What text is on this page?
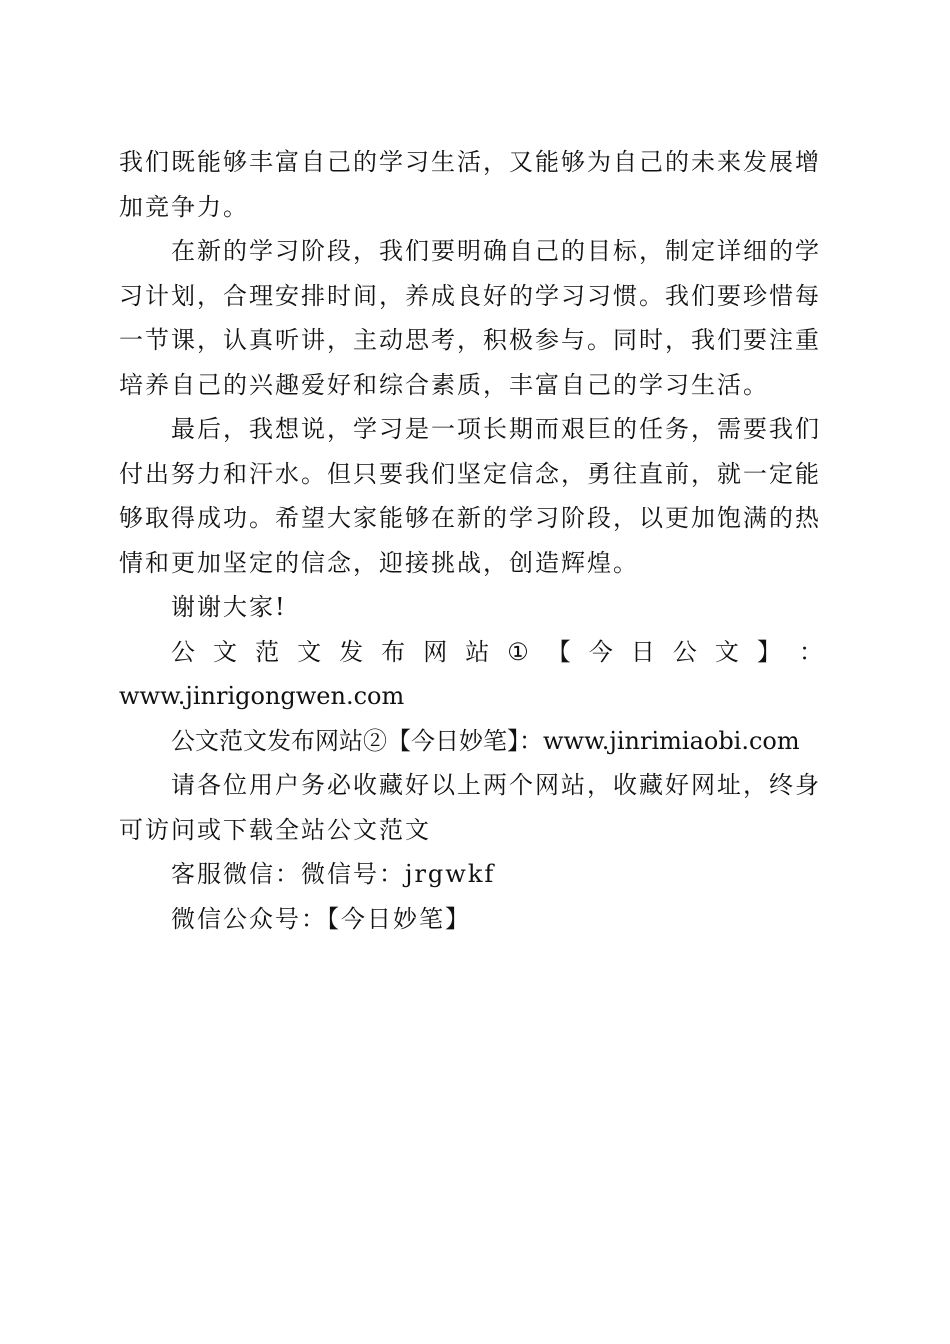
我们既能够丰富自己的学习生活，又能够为自己的未来发展增
加竞争力。
在新的学习阶段，我们要明确自己的目标，制定详细的学
习计划，合理安排时间，养成良好的学习习惯。我们要珍惜每
一节课，认真听讲，主动思考，积极参与。同时，我们要注重
培养自己的兴趣爱好和综合素质，丰富自己的学习生活。
最后，我想说，学习是一项长期而艰巨的任务，需要我们
付出努力和汗水。但只要我们坚定信念，勇往直前，就一定能
够取得成功。希望大家能够在新的学习阶段，以更加饱满的热
情和更加坚定的信念，迎接挑战，创造辉煌。
谢谢大家!
公 文 范 文 发 布 网 站 ① 【 今 日 公 文 】 ：
www.jinrigongwen.com
公文范文发布网站②【今日妙笔】：www.jinrimiaobi.com
请各位用户务必收藏好以上两个网站，收藏好网址，终身
可访问或下载全站公文范文
客服微信：微信号：jrgwkf
微信公众号：【今日妙笔】
